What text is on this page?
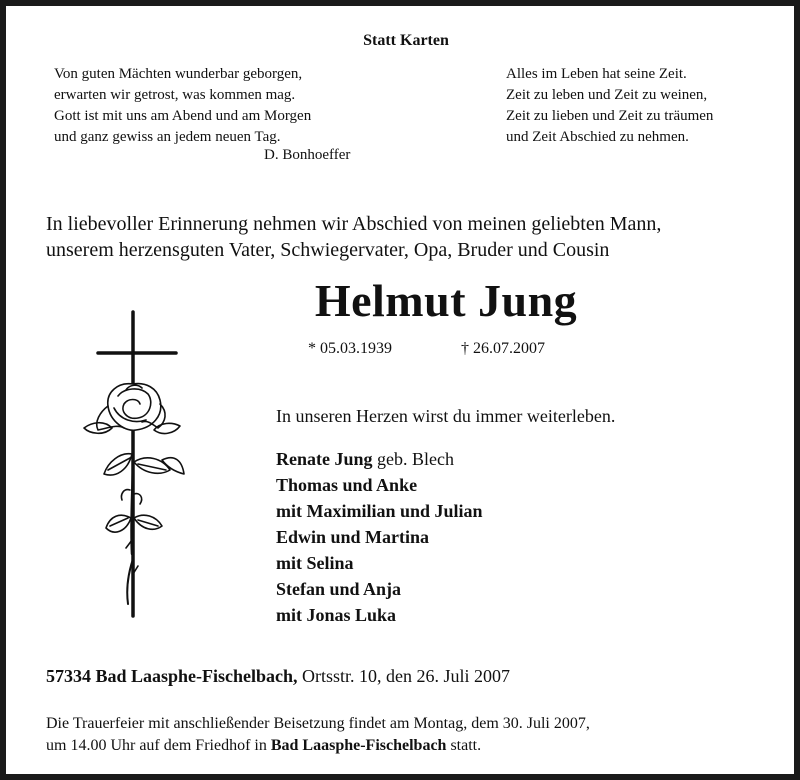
Statt Karten
Von guten Mächten wunderbar geborgen,
erwarten wir getrost, was kommen mag.
Gott ist mit uns am Abend und am Morgen
und ganz gewiss an jedem neuen Tag.
D. Bonhoeffer
Alles im Leben hat seine Zeit.
Zeit zu leben und Zeit zu weinen,
Zeit zu lieben und Zeit zu träumen
und Zeit Abschied zu nehmen.
In liebevoller Erinnerung nehmen wir Abschied von meinen geliebten Mann,
unserem herzensguten Vater, Schwiegervater, Opa, Bruder und Cousin
Helmut Jung
* 05.03.1939	† 26.07.2007
In unseren Herzen wirst du immer weiterleben.
Renate Jung geb. Blech
Thomas und Anke
mit Maximilian und Julian
Edwin und Martina
mit Selina
Stefan und Anja
mit Jonas Luka
57334 Bad Laasphe-Fischelbach, Ortsstr. 10, den 26. Juli 2007
Die Trauerfeier mit anschließender Beisetzung findet am Montag, dem 30. Juli 2007,
um 14.00 Uhr auf dem Friedhof in Bad Laasphe-Fischelbach statt.
